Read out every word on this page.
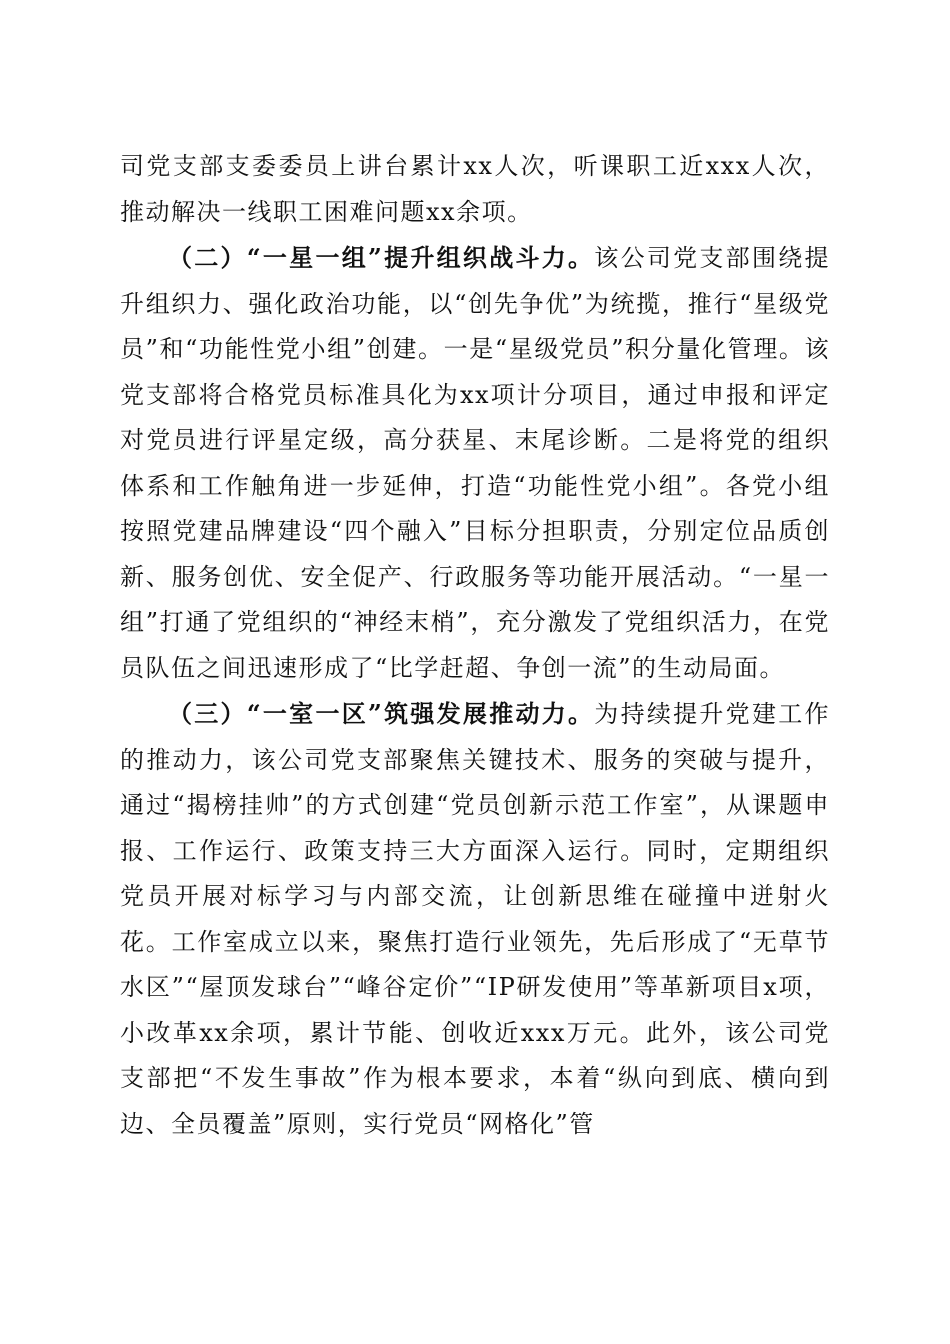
司党支部支委委员上讲台累计xx人次，听课职工近xxx人次，推动解决一线职工困难问题xx余项。

（二）“一星一组”提升组织战斗力。该公司党支部围绕提升组织力、强化政治功能，以“创先争优”为统揽，推行“星级党员”和“功能性党小组”创建。一是“星级党员”积分量化管理。该党支部将合格党员标准具化为xx项计分项目，通过申报和评定对党员进行评星定级，高分获星、末尾诊断。二是将党的组织体系和工作触角进一步延伸，打造“功能性党小组”。各党小组按照党建品牌建设“四个融入”目标分担职责，分别定位品质创新、服务创优、安全促产、行政服务等功能开展活动。“一星一组”打通了党组织的“神经末梢”，充分激发了党组织活力，在党员队伍之间迅速形成了“比学赶超、争创一流”的生动局面。

（三）“一室一区”筑强发展推动力。为持续提升党建工作的推动力，该公司党支部聚焦关键技术、服务的突破与提升，通过“揭榜挂帅”的方式创建“党员创新示范工作室”，从课题申报、工作运行、政策支持三大方面深入运行。同时，定期组织党员开展对标学习与内部交流，让创新思维在碰撞中迸射火花。工作室成立以来，聚焦打造行业领先，先后形成了“无草节水区”“屋顶发球台”“峰谷定价”“IP研发使用”等革新项目x项，小改革xx余项，累计节能、创收近xxx万元。此外，该公司党支部把“不发生事故”作为根本要求，本着“纵向到底、横向到边、全员覆盖”原则，实行党员“网格化”管
